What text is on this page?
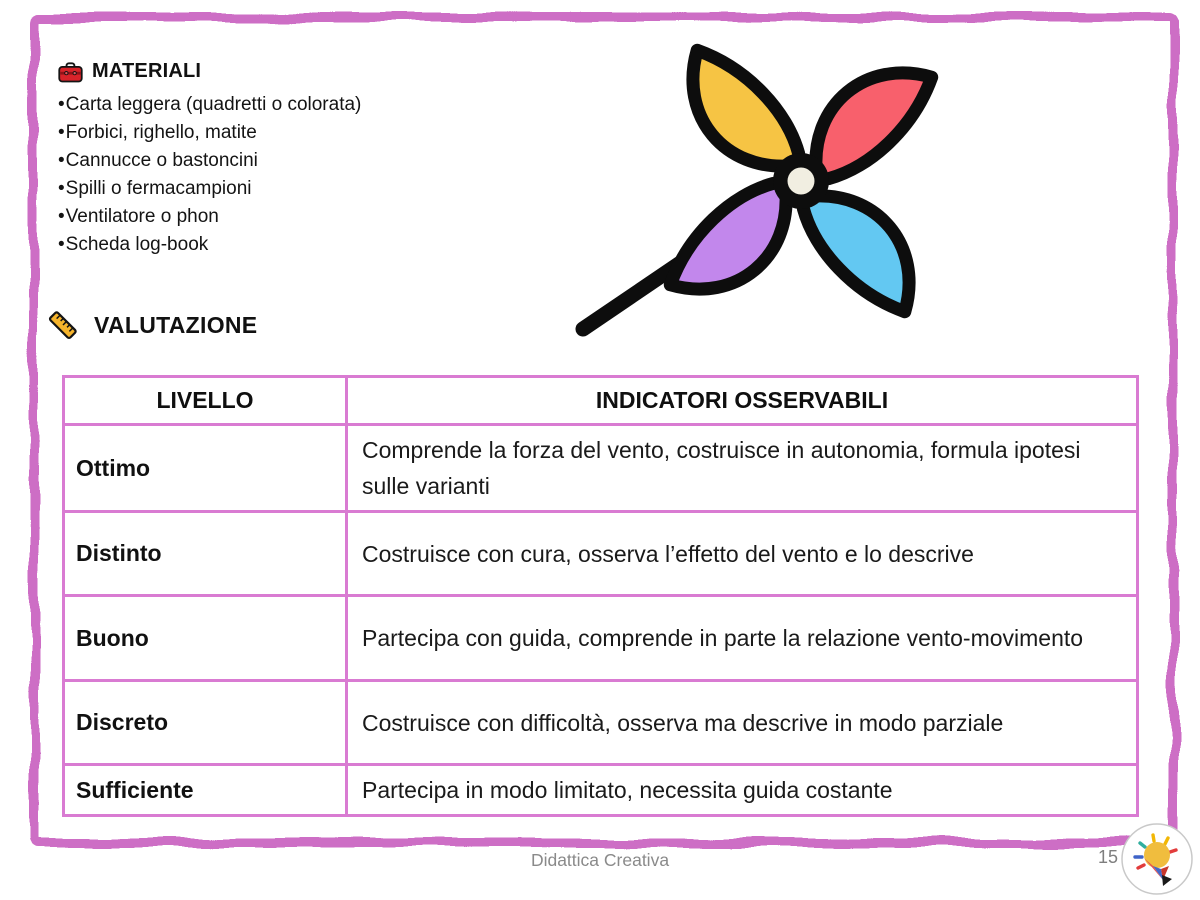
MATERIALI
• Carta leggera (quadretti o colorata)
• Forbici, righello, matite
• Cannucce o bastoncini
• Spilli o fermacampioni
• Ventilatore o phon
• Scheda log-book
VALUTAZIONE
LIVELLO	INDICATORI OSSERVABILI
Ottimo	Comprende la forza del vento, costruisce in autonomia, formula ipotesi sulle varianti
Distinto	Costruisce con cura, osserva l’effetto del vento e lo descrive
Buono	Partecipa con guida, comprende in parte la relazione vento-movimento
Discreto	Costruisce con difficoltà, osserva ma descrive in modo parziale
Sufficiente	Partecipa in modo limitato, necessita guida costante
Didattica Creativa	15
